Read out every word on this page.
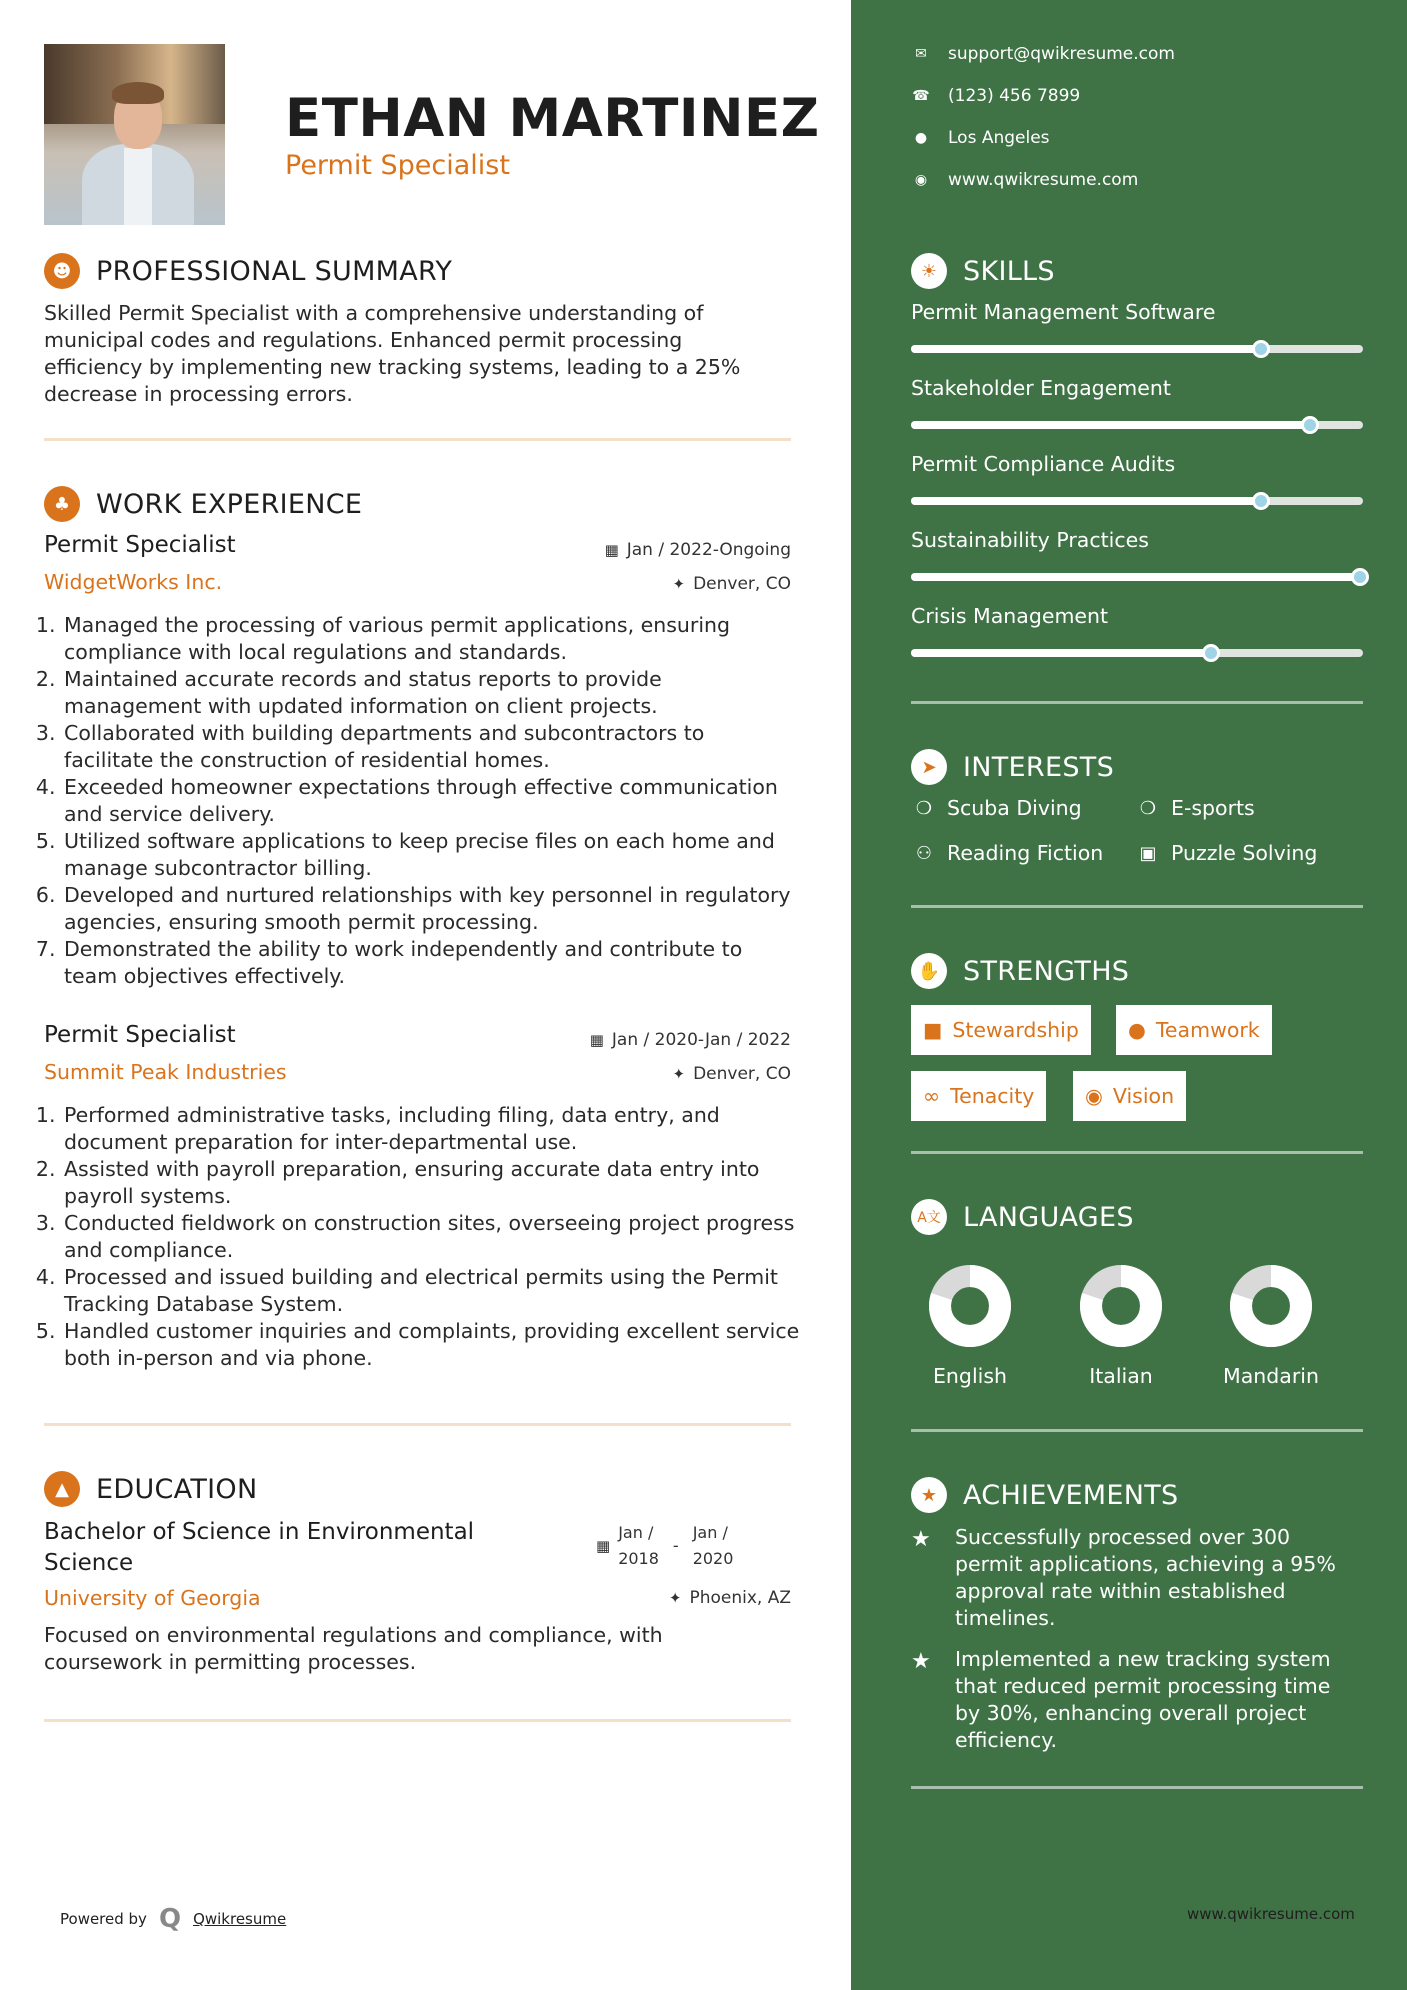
ETHAN MARTINEZ
Permit Specialist
☻ PROFESSIONAL SUMMARY
Skilled Permit Specialist with a comprehensive understanding of
municipal codes and regulations. Enhanced permit processing
efficiency by implementing new tracking systems, leading to a 25%
decrease in processing errors.
♣ WORK EXPERIENCE
Permit Specialist	▦ Jan / 2022-Ongoing
WidgetWorks Inc.	✦ Denver, CO
1. Managed the processing of various permit applications, ensuring compliance with local regulations and standards.
2. Maintained accurate records and status reports to provide management with updated information on client projects.
3. Collaborated with building departments and subcontractors to facilitate the construction of residential homes.
4. Exceeded homeowner expectations through effective communication and service delivery.
5. Utilized software applications to keep precise files on each home and manage subcontractor billing.
6. Developed and nurtured relationships with key personnel in regulatory agencies, ensuring smooth permit processing.
7. Demonstrated the ability to work independently and contribute to team objectives effectively.
Permit Specialist	▦ Jan / 2020-Jan / 2022
Summit Peak Industries	✦ Denver, CO
1. Performed administrative tasks, including filing, data entry, and document preparation for inter-departmental use.
2. Assisted with payroll preparation, ensuring accurate data entry into payroll systems.
3. Conducted fieldwork on construction sites, overseeing project progress and compliance.
4. Processed and issued building and electrical permits using the Permit Tracking Database System.
5. Handled customer inquiries and complaints, providing excellent service both in-person and via phone.
▲	EDUCATION
Bachelor of Science in Environmental
Science
▦
Jan /
2018
-
Jan /
2020
University of Georgia	✦ Phoenix, AZ
Focused on environmental regulations and compliance, with
coursework in permitting processes.
Powered by Q Qwikresume
✉ support@qwikresume.com
☎ (123) 456 7899
● Los Angeles
◉ www.qwikresume.com
☀ SKILLS
Permit Management Software
Stakeholder Engagement
Permit Compliance Audits
Sustainability Practices
Crisis Management
➤ INTERESTS
❍ Scuba Diving	❍ E-sports
⚇ Reading Fiction ▣ Puzzle Solving
✋ STRENGTHS
■ Stewardship ● Teamwork
∞ Tenacity ◉ Vision
A文 LANGUAGES
English	Italian	Mandarin
★ ACHIEVEMENTS
★	Successfully processed over 300
permit applications, achieving a 95%
approval rate within established
timelines.
★	Implemented a new tracking system
that reduced permit processing time
by 30%, enhancing overall project
efficiency.
www.qwikresume.com
